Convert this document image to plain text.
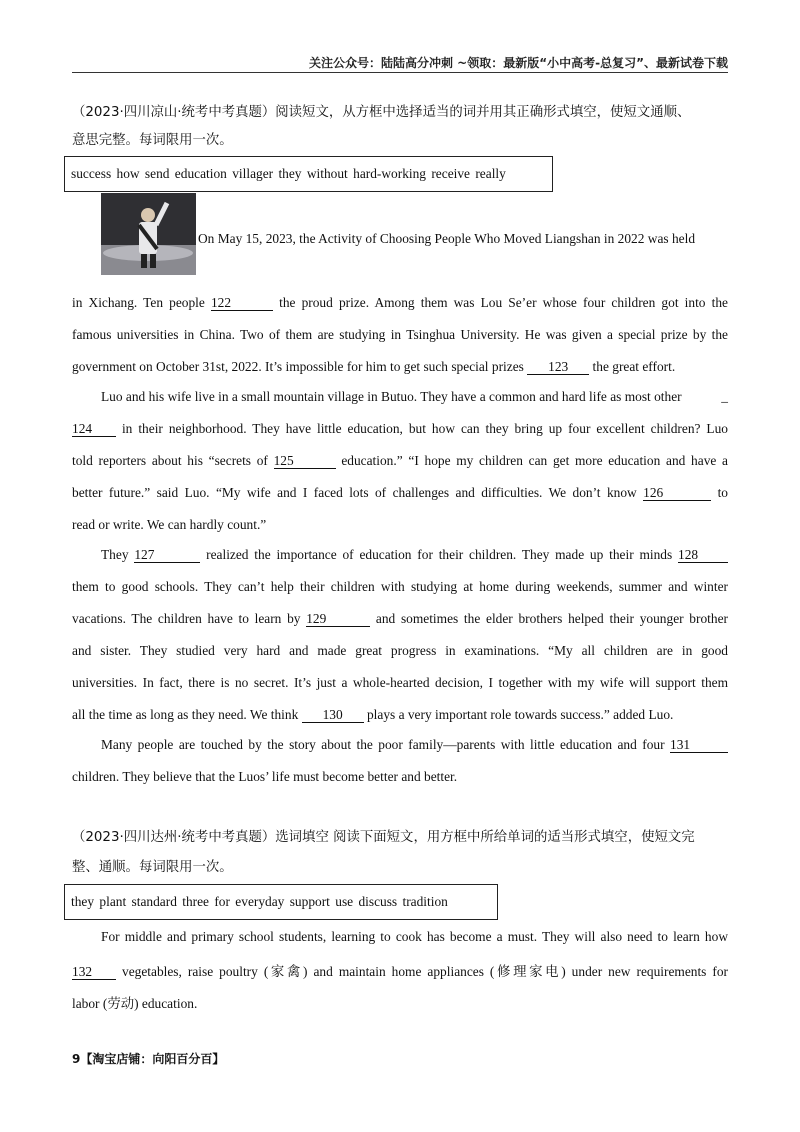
关注公众号：陆陆高分冲刺 ~领取：最新版“小中高考-总复习”、最新试卷下载
（2023·四川凉山·统考中考真题）阅读短文，从方框中选择适当的词并用其正确形式填空，使短文通顺、
意思完整。每词限用一次。
success how send education villager they without hard-working receive really
On May 15, 2023, the Activity of Choosing People Who Moved Liangshan in 2022 was held
in Xichang. Ten people 122	the proud prize. Among them was Lou Se’er whose four children got into the
famous universities in China. Two of them are studying in Tsinghua University. He was given a special prize by the
government on October 31st, 2022. It’s impossible for him to get such special prizes 123 the great effort.
Luo and his wife live in a small mountain village in Butuo. They have a common and hard life as most other	_
124 in their neighborhood. They have little education, but how can they bring up four excellent children? Luo
told reporters about his “secrets of 125	education.” “I hope my children can get more education and have a
better future.” said Luo. “My wife and I faced lots of challenges and difficulties. We don’t know 126	to
read or write. We can hardly count.”
They 127	realized the importance of education for their children. They made up their minds 128
them to good schools. They can’t help their children with studying at home during weekends, summer and winter
vacations. The children have to learn by 129	and sometimes the elder brothers helped their younger brother
and sister. They studied very hard and made great progress in examinations. “My all children are in good
universities. In fact, there is no secret. It’s just a whole-hearted decision, I together with my wife will support them
all the time as long as they need. We think 130 plays a very important role towards success.” added Luo.
Many people are touched by the story about the poor family—parents with little education and four 131
children. They believe that the Luos’ life must become better and better.
（2023·四川达州·统考中考真题）选词填空 阅读下面短文，用方框中所给单词的适当形式填空，使短文完
整、通顺。每词限用一次。
they plant standard three for everyday support use discuss tradition
For middle and primary school students, learning to cook has become a must. They will also need to learn how
132 vegetables, raise poultry (家禽) and maintain home appliances (修理家电) under new requirements for
labor (劳动) education.
9【淘宝店铺：向阳百分百】
